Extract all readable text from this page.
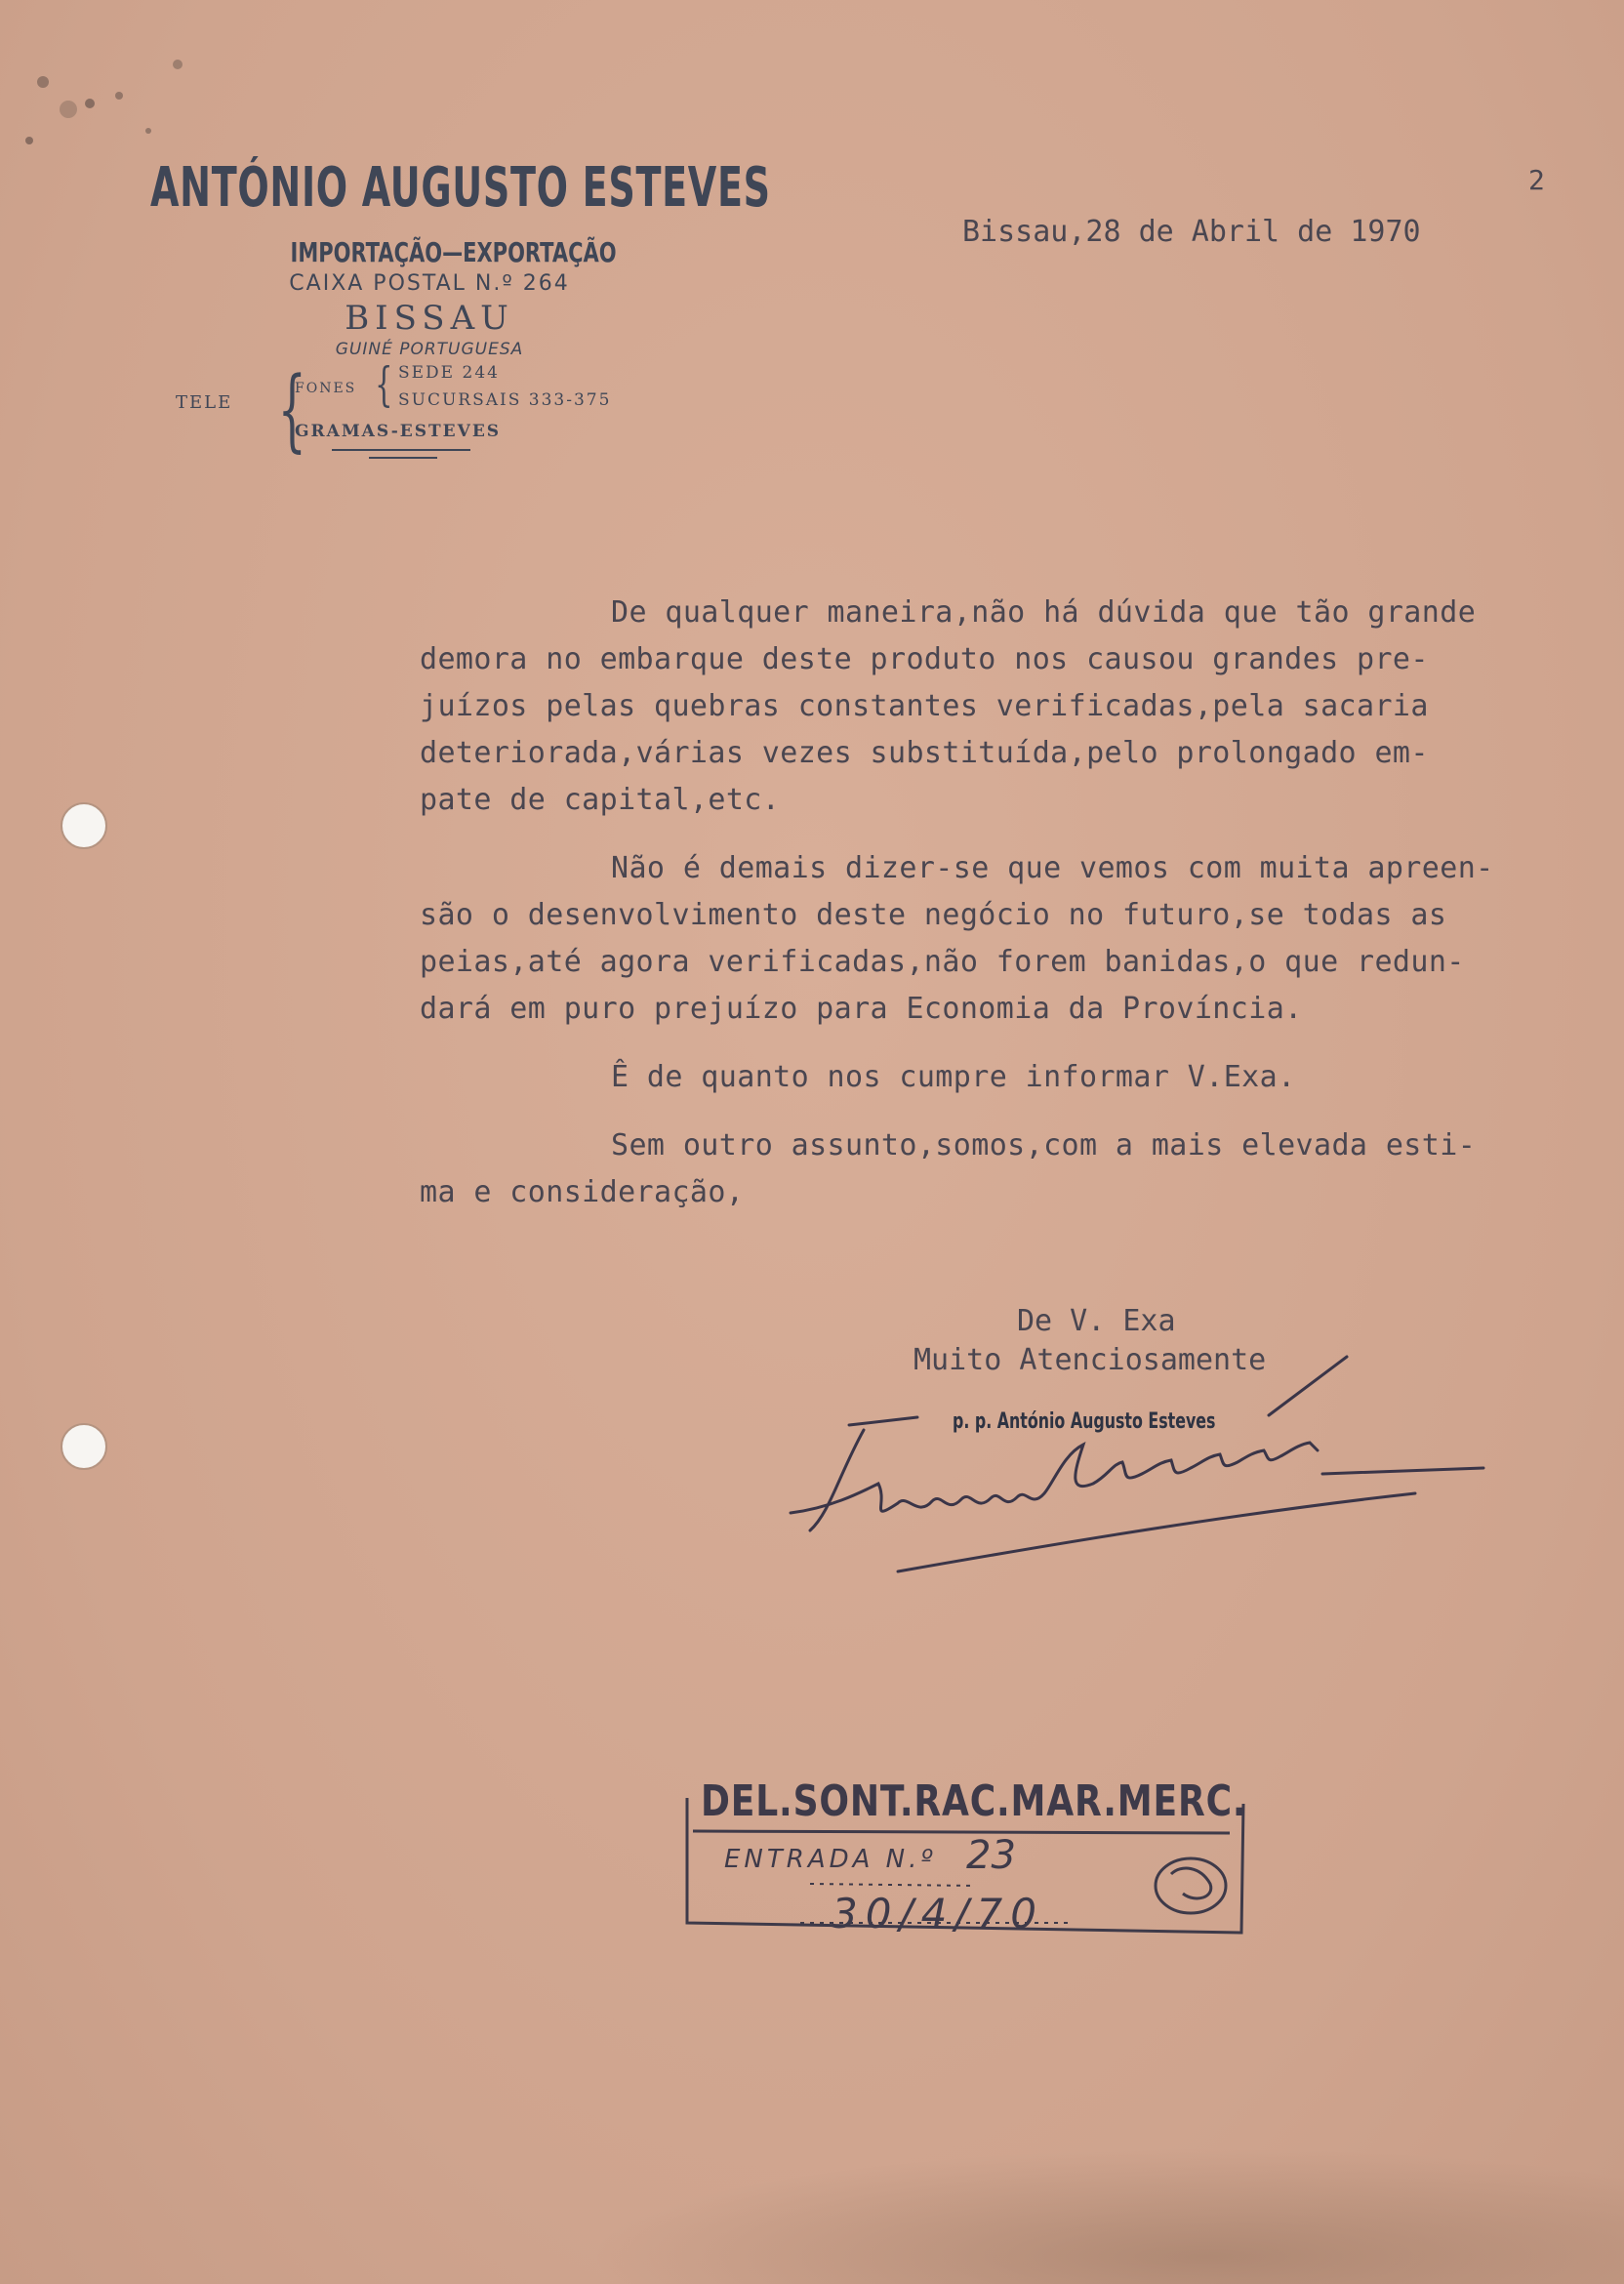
ANTÓNIO AUGUSTO ESTEVES
IMPORTAÇÃO—EXPORTAÇÃO
CAIXA POSTAL N.º 264
BISSAU
GUINÉ PORTUGUESA
TELE {
FONES { SEDE 244
SUCURSAIS 333-375
GRAMAS-ESTEVES
2
Bissau,28 de Abril de 1970

De qualquer maneira,não há dúvida que tão grande

demora no embarque deste produto nos causou grandes pre-

juízos pelas quebras constantes verificadas,pela sacaria

deteriorada,várias vezes substituída,pelo prolongado em-

pate de capital,etc.

Não é demais dizer-se que vemos com muita apreen-

são o desenvolvimento deste negócio no futuro,se todas as

peias,até agora verificadas,não forem banidas,o que redun-

dará em puro prejuízo para Economia da Província.

Ê de quanto nos cumpre informar V.Exa.

Sem outro assunto,somos,com a mais elevada esti-

ma e consideração,

De V. Exa
Muito Atenciosamente
p. p. António Augusto Esteves
DEL.SONT.RAC.MAR.MERC.
ENTRADA N.º 23
30/4/70
